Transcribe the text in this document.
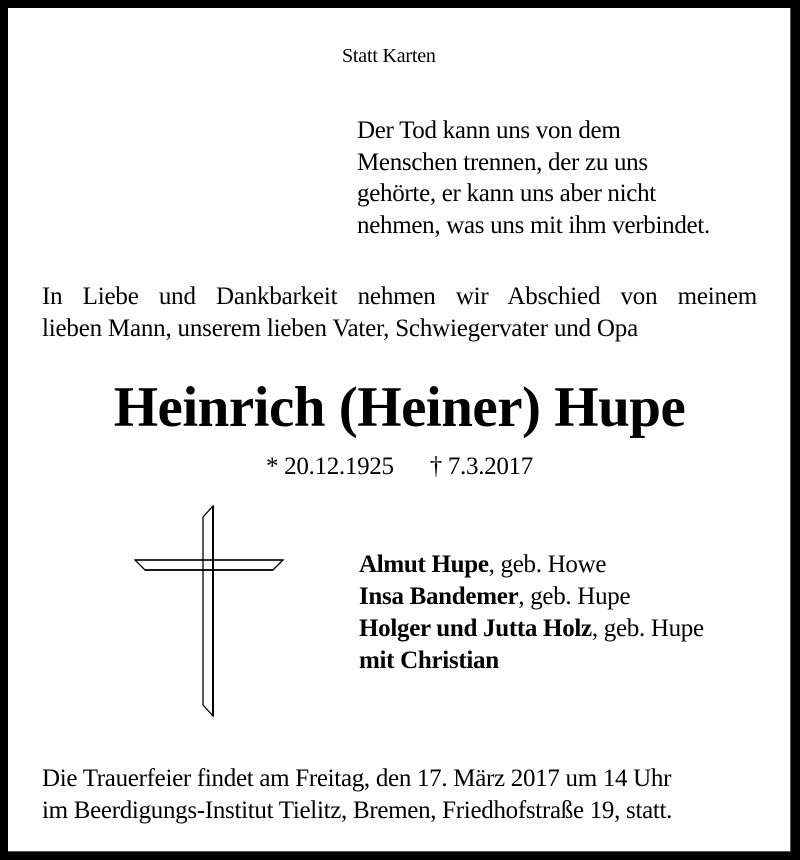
Statt Karten
Der Tod kann uns von dem
Menschen trennen, der zu uns
gehörte, er kann uns aber nicht
nehmen, was uns mit ihm verbindet.
In Liebe und Dankbarkeit nehmen wir Abschied von meinem
lieben Mann, unserem lieben Vater, Schwiegervater und Opa
Heinrich (Heiner) Hupe
* 20.12.1925 † 7.3.2017
Almut Hupe, geb. Howe
Insa Bandemer, geb. Hupe
Holger und Jutta Holz, geb. Hupe
mit Christian
Die Trauerfeier findet am Freitag, den 17. März 2017 um 14 Uhr
im Beerdigungs-Institut Tielitz, Bremen, Friedhofstraße 19, statt.
